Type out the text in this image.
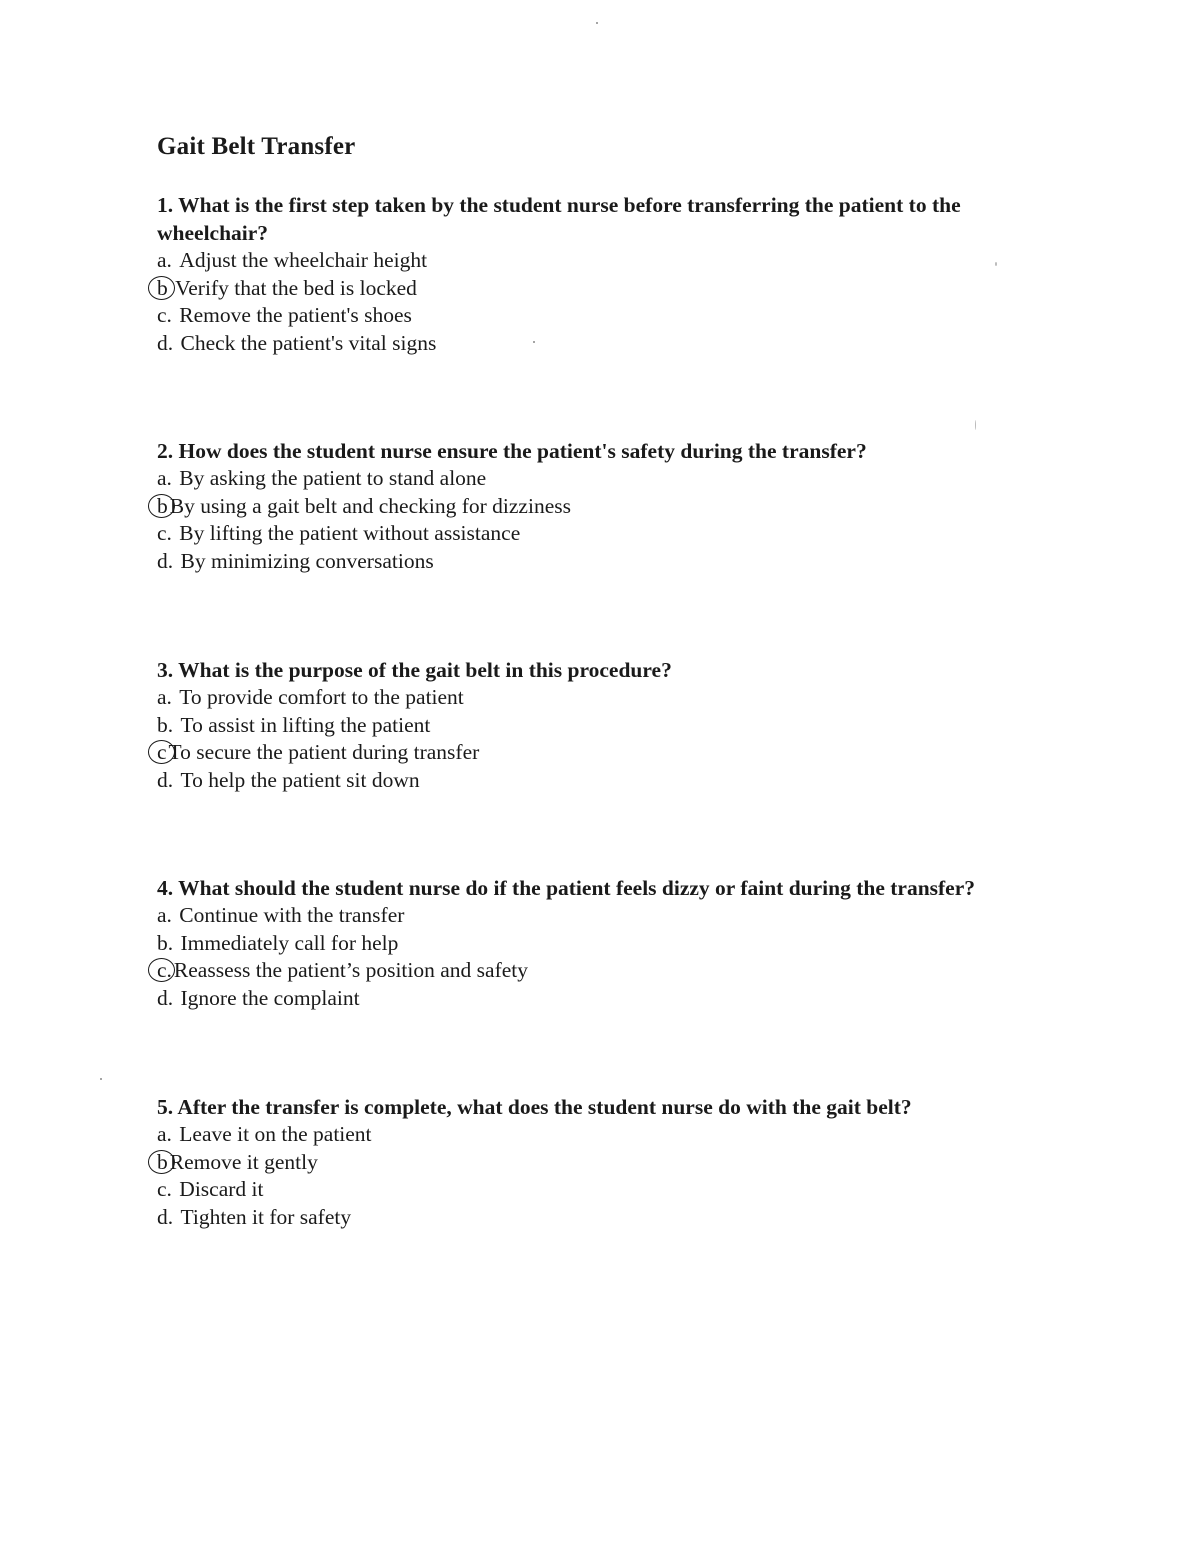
Gait Belt Transfer

1. What is the first step taken by the student nurse before transferring the patient to the wheelchair?

a. Adjust the wheelchair height
b Verify that the bed is locked
c. Remove the patient's shoes
d. Check the patient's vital signs

2. How does the student nurse ensure the patient's safety during the transfer?

a. By asking the patient to stand alone
bBy using a gait belt and checking for dizziness
c. By lifting the patient without assistance
d. By minimizing conversations

3. What is the purpose of the gait belt in this procedure?

a. To provide comfort to the patient
b. To assist in lifting the patient
cTo secure the patient during transfer
d. To help the patient sit down

4. What should the student nurse do if the patient feels dizzy or faint during the transfer?

a. Continue with the transfer
b. Immediately call for help
c.Reassess the patient’s position and safety
d. Ignore the complaint

5. After the transfer is complete, what does the student nurse do with the gait belt?

a. Leave it on the patient
bRemove it gently
c. Discard it
d. Tighten it for safety
